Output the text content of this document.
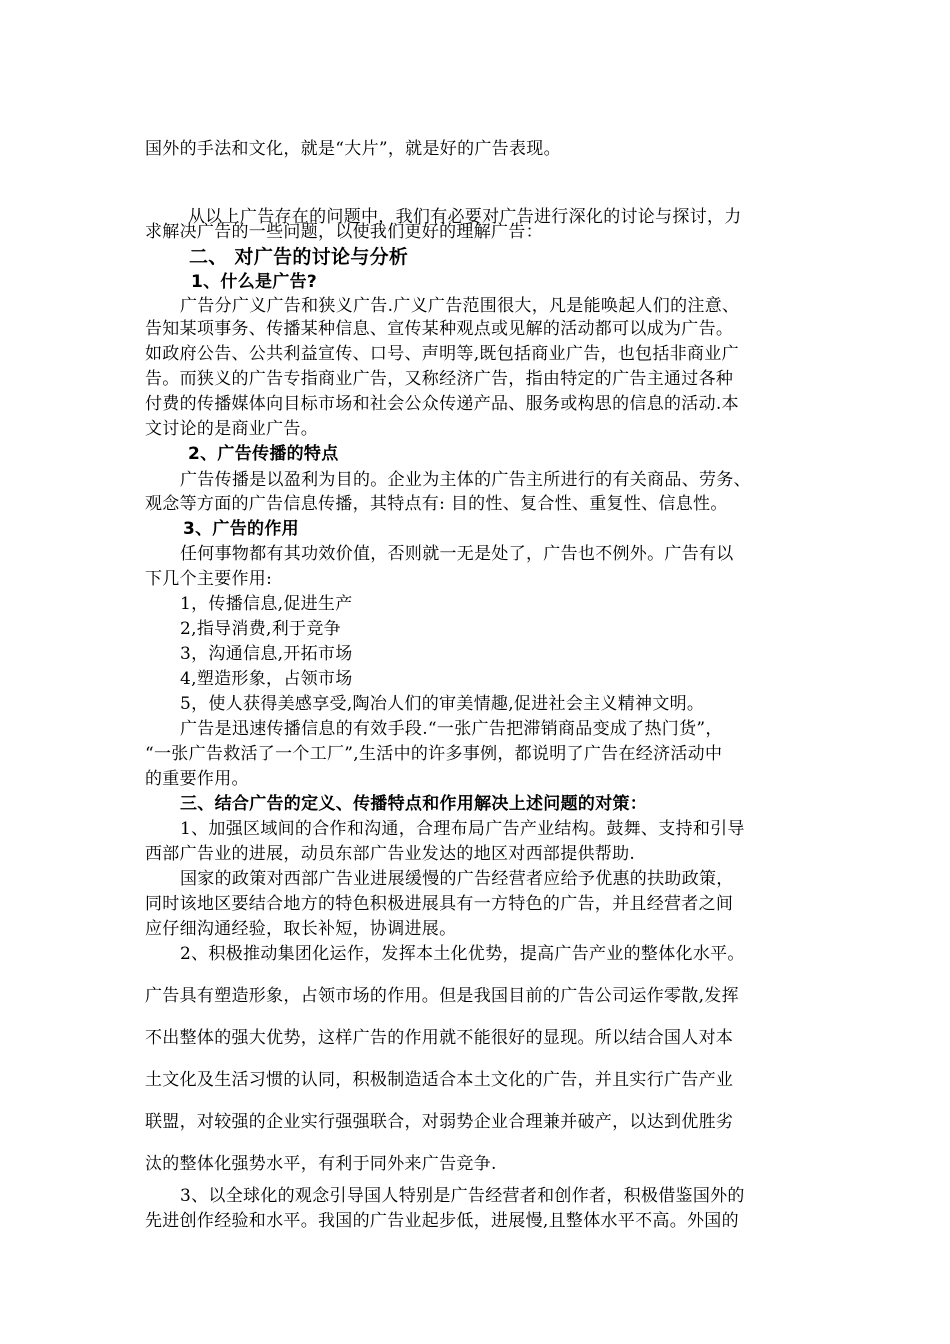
国外的手法和文化，就是“大片”，就是好的广告表现。
从以上广告存在的问题中，我们有必要对广告进行深化的讨论与探讨，力
求解决广告的一些问题，以使我们更好的理解广告：
二、 对广告的讨论与分析
1、什么是广告?
广告分广义广告和狭义广告.广义广告范围很大，凡是能唤起人们的注意、
告知某项事务、传播某种信息、宣传某种观点或见解的活动都可以成为广告。
如政府公告、公共利益宣传、口号、声明等,既包括商业广告，也包括非商业广
告。而狭义的广告专指商业广告，又称经济广告，指由特定的广告主通过各种
付费的传播媒体向目标市场和社会公众传递产品、服务或构思的信息的活动.本
文讨论的是商业广告。
2、广告传播的特点
广告传播是以盈利为目的。企业为主体的广告主所进行的有关商品、劳务、
观念等方面的广告信息传播，其特点有: 目的性、复合性、重复性、信息性。
3、广告的作用
任何事物都有其功效价值，否则就一无是处了，广告也不例外。广告有以
下几个主要作用:
1，传播信息,促进生产
2,指导消费,利于竞争
3，沟通信息,开拓市场
4,塑造形象，占领市场
5，使人获得美感享受,陶冶人们的审美情趣,促进社会主义精神文明。
广告是迅速传播信息的有效手段.“一张广告把滞销商品变成了热门货”，
“一张广告救活了一个工厂”,生活中的许多事例，都说明了广告在经济活动中
的重要作用。
三、结合广告的定义、传播特点和作用解决上述问题的对策：
1、加强区域间的合作和沟通，合理布局广告产业结构。鼓舞、支持和引导
西部广告业的进展，动员东部广告业发达的地区对西部提供帮助.
国家的政策对西部广告业进展缓慢的广告经营者应给予优惠的扶助政策，
同时该地区要结合地方的特色积极进展具有一方特色的广告，并且经营者之间
应仔细沟通经验，取长补短，协调进展。
2、积极推动集团化运作，发挥本土化优势，提高广告产业的整体化水平。
广告具有塑造形象，占领市场的作用。但是我国目前的广告公司运作零散,发挥
不出整体的强大优势，这样广告的作用就不能很好的显现。所以结合国人对本
土文化及生活习惯的认同，积极制造适合本土文化的广告，并且实行广告产业
联盟，对较强的企业实行强强联合，对弱势企业合理兼并破产，以达到优胜劣
汰的整体化强势水平，有利于同外来广告竞争.
3、以全球化的观念引导国人特别是广告经营者和创作者，积极借鉴国外的
先进创作经验和水平。我国的广告业起步低，进展慢,且整体水平不高。外国的
